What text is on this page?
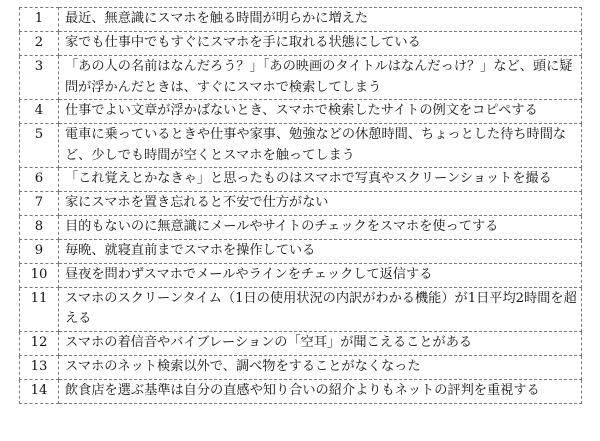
1	最近、無意識にスマホを触る時間が明らかに増えた
2	家でも仕事中でもすぐにスマホを手に取れる状態にしている
3	「あの人の名前はなんだろう？」「あの映画のタイトルはなんだっけ？」など、頭に疑問が浮かんだときは、すぐにスマホで検索してしまう
4	仕事でよい文章が浮かばないとき、スマホで検索したサイトの例文をコピペする
5	電車に乗っているときや仕事や家事、勉強などの休憩時間、ちょっとした待ち時間など、少しでも時間が空くとスマホを触ってしまう
6	「これ覚えとかなきゃ」と思ったものはスマホで写真やスクリーンショットを撮る
7	家にスマホを置き忘れると不安で仕方がない
8	目的もないのに無意識にメールやサイトのチェックをスマホを使ってする
9	毎晩、就寝直前までスマホを操作している
10	昼夜を問わずスマホでメールやラインをチェックして返信する
11	スマホのスクリーンタイム（1日の使用状況の内訳がわかる機能）が1日平均2時間を超える
12	スマホの着信音やバイブレーションの「空耳」が聞こえることがある
13	スマホのネット検索以外で、調べ物をすることがなくなった
14	飲食店を選ぶ基準は自分の直感や知り合いの紹介よりもネットの評判を重視する
